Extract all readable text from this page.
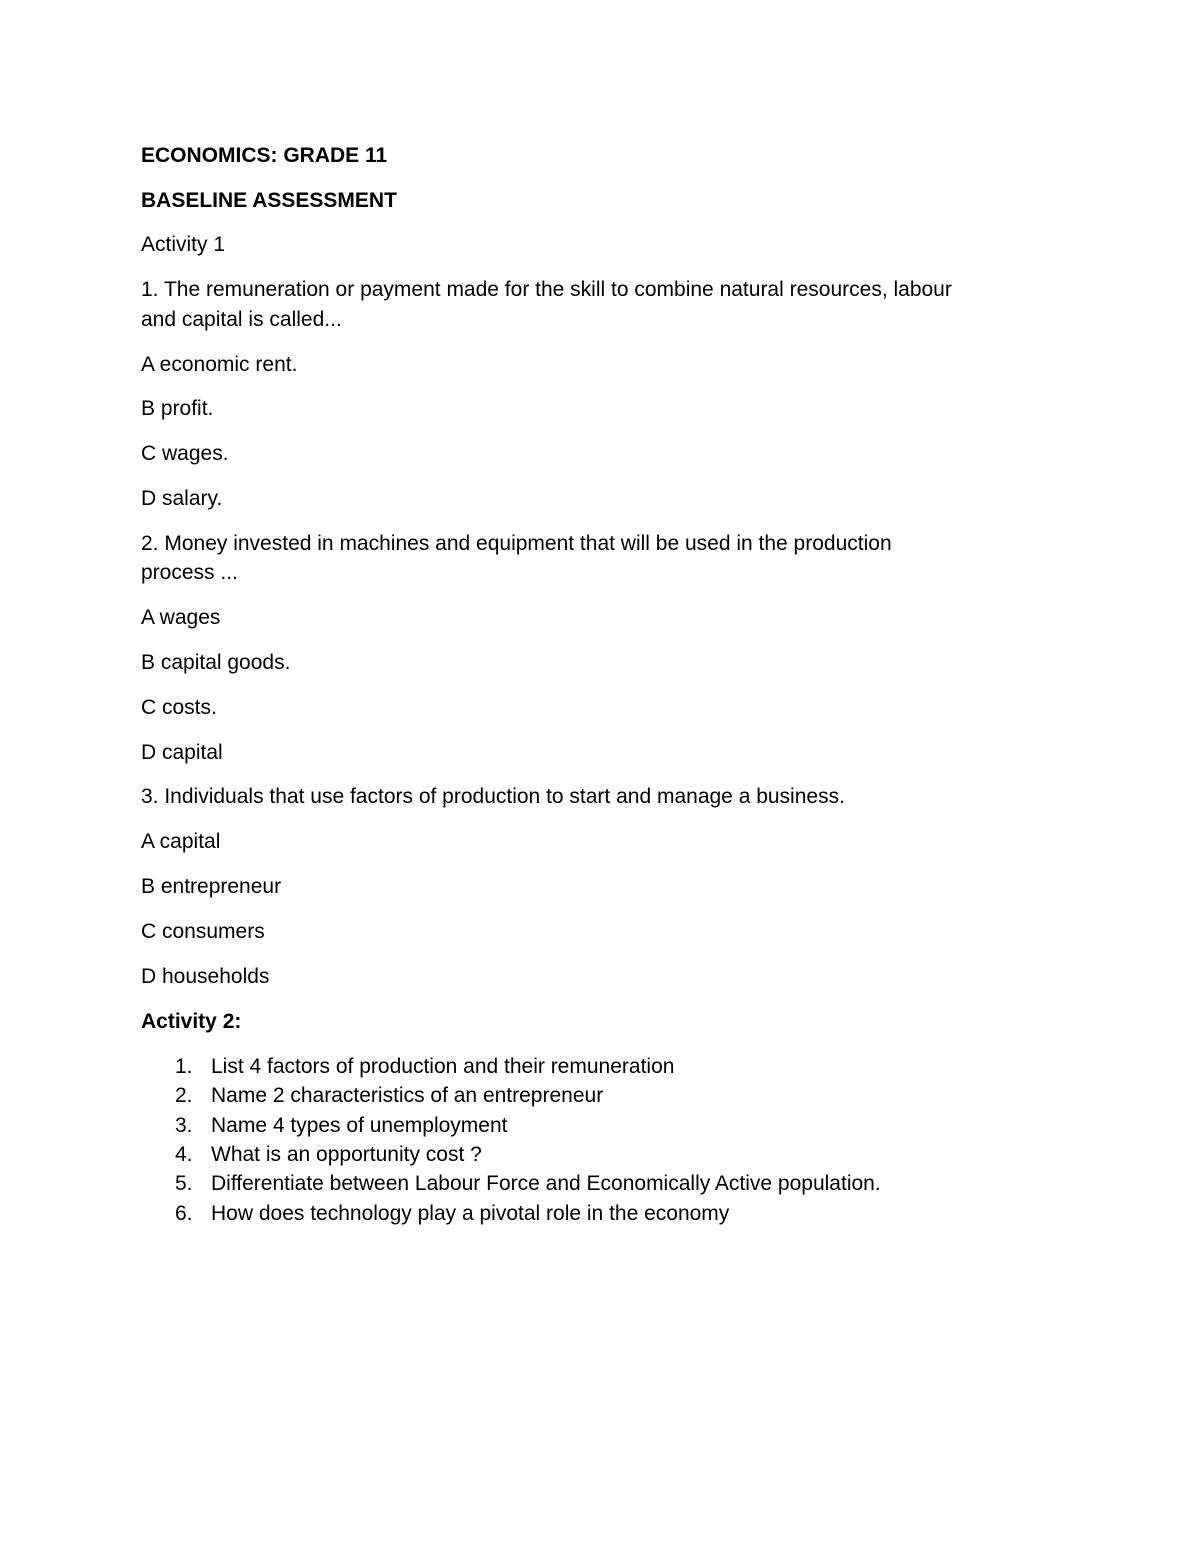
ECONOMICS: GRADE 11

BASELINE ASSESSMENT

Activity 1

1. The remuneration or payment made for the skill to combine natural resources, labour

and capital is called...

A economic rent.

B profit.

C wages.

D salary.

2. Money invested in machines and equipment that will be used in the production

process ...

A wages

B capital goods.

C costs.

D capital

3. Individuals that use factors of production to start and manage a business.

A capital

B entrepreneur

C consumers

D households

Activity 2:

1. List 4 factors of production and their remuneration

2. Name 2 characteristics of an entrepreneur

3. Name 4 types of unemployment

4. What is an opportunity cost ?

5. Differentiate between Labour Force and Economically Active population.

6. How does technology play a pivotal role in the economy
